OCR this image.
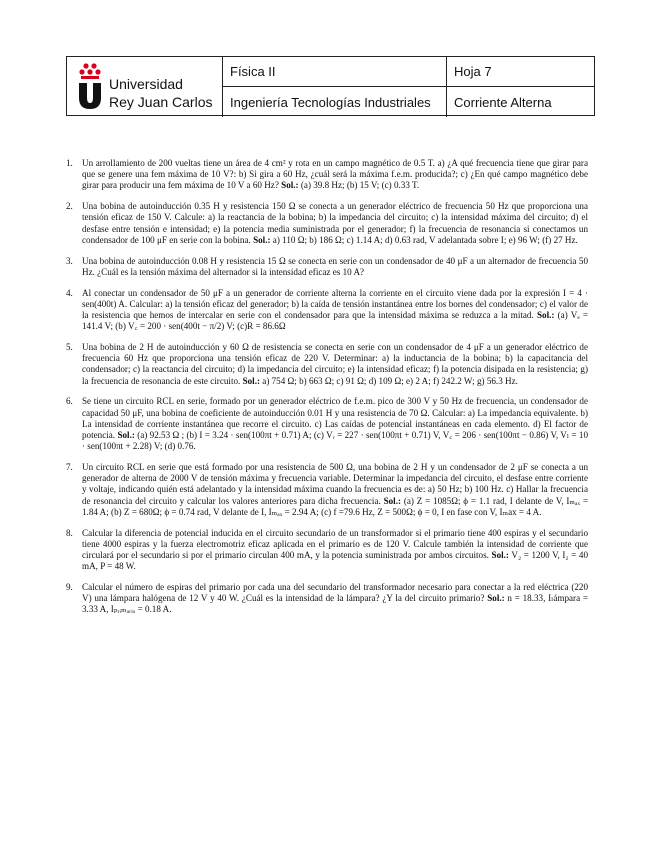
Universidad
Rey Juan Carlos
Física II	Hoja 7
Ingeniería Tecnologías Industriales	Corriente Alterna
1. Un arrollamiento de 200 vueltas tiene un área de 4 cm² y rota en un campo magnético de 0.5 T. a) ¿A qué frecuencia tiene que girar para que se genere una fem máxima de 10 V?: b) Si gira a 60 Hz, ¿cuál será la máxima f.e.m. producida?; c) ¿En qué campo magnético debe girar para producir una fem máxima de 10 V a 60 Hz? Sol.: (a) 39.8 Hz; (b) 15 V; (c) 0.33 T.
2. Una bobina de autoinducción 0.35 H y resistencia 150 Ω se conecta a un generador eléctrico de frecuencia 50 Hz que proporciona una tensión eficaz de 150 V. Calcule: a) la reactancia de la bobina; b) la impedancia del circuito; c) la intensidad máxima del circuito; d) el desfase entre tensión e intensidad; e) la potencia media suministrada por el generador; f) la frecuencia de resonancia si conectamos un condensador de 100 μF en serie con la bobina. Sol.: a) 110 Ω; b) 186 Ω; c) 1.14 A; d) 0.63 rad, V adelantada sobre I; e) 96 W; (f) 27 Hz.
3. Una bobina de autoinducción 0.08 H y resistencia 15 Ω se conecta en serie con un condensador de 40 μF a un alternador de frecuencia 50 Hz. ¿Cuál es la tensión máxima del alternador si la intensidad eficaz es 10 A?
4. Al conectar un condensador de 50 μF a un generador de corriente alterna la corriente en el circuito viene dada por la expresión I = 4 · sen(400t) A. Calcular: a) la tensión eficaz del generador; b) la caída de tensión instantánea entre los bornes del condensador; c) el valor de la resistencia que hemos de intercalar en serie con el condensador para que la intensidad máxima se reduzca a la mitad. Sol.: (a) Vₑ = 141.4 V; (b) V꜀ = 200 · sen(400t − π/2) V; (c)R = 86.6Ω
5. Una bobina de 2 H de autoinducción y 60 Ω de resistencia se conecta en serie con un condensador de 4 μF a un generador eléctrico de frecuencia 60 Hz que proporciona una tensión eficaz de 220 V. Determinar: a) la inductancia de la bobina; b) la capacitancia del condensador; c) la reactancia del circuito; d) la impedancia del circuito; e) la intensidad eficaz; f) la potencia disipada en la resistencia; g) la frecuencia de resonancia de este circuito. Sol.: a) 754 Ω; b) 663 Ω; c) 91 Ω; d) 109 Ω; e) 2 A; f) 242.2 W; g) 56.3 Hz.
6. Se tiene un circuito RCL en serie, formado por un generador eléctrico de f.e.m. pico de 300 V y 50 Hz de frecuencia, un condensador de capacidad 50 μF, una bobina de coeficiente de autoinducción 0.01 H y una resistencia de 70 Ω. Calcular: a) La impedancia equivalente. b) La intensidad de corriente instantánea que recorre el circuito. c) Las caídas de potencial instantáneas en cada elemento. d) El factor de potencia. Sol.: (a) 92.53 Ω ; (b) I = 3.24 · sen(100πt + 0.71) A; (c) Vᵣ = 227 · sen(100πt + 0.71) V, V꜀ = 206 · sen(100πt − 0.86) V, Vₗ = 10 · sen(100πt + 2.28) V; (d) 0.76.
7. Un circuito RCL en serie que está formado por una resistencia de 500 Ω, una bobina de 2 H y un condensador de 2 μF se conecta a un generador de alterna de 2000 V de tensión máxima y frecuencia variable. Determinar la impedancia del circuito, el desfase entre corriente y voltaje, indicando quién está adelantado y la intensidad máxima cuando la frecuencia es de: a) 50 Hz; b) 100 Hz. c) Hallar la frecuencia de resonancia del circuito y calcular los valores anteriores para dicha frecuencia. Sol.: (a) Z = 1085Ω; ϕ = 1.1 rad, I delante de V, Iₘₐₓ = 1.84 A; (b) Z = 680Ω; ϕ = 0.74 rad, V delante de I, Iₘₐₓ = 2.94 A; (c) f =79.6 Hz, Z = 500Ω; ϕ = 0, I en fase con V, Iₘax = 4 A.
8. Calcular la diferencia de potencial inducida en el circuito secundario de un transformador si el primario tiene 400 espiras y el secundario tiene 4000 espiras y la fuerza electromotriz eficaz aplicada en el primario es de 120 V. Calcule también la intensidad de corriente que circulará por el secundario si por el primario circulan 400 mA, y la potencia suministrada por ambos circuitos. Sol.: V₂ = 1200 V, I₂ = 40 mA, P = 48 W.
9. Calcular el número de espiras del primario por cada una del secundario del transformador necesario para conectar a la red eléctrica (220 V) una lámpara halógena de 12 V y 40 W. ¿Cuál es la intensidad de la lámpara? ¿Y la del circuito primario? Sol.: n = 18.33, Iₗámpara = 3.33 A, Iₚᵣᵢₘₐᵣᵢₒ = 0.18 A.
